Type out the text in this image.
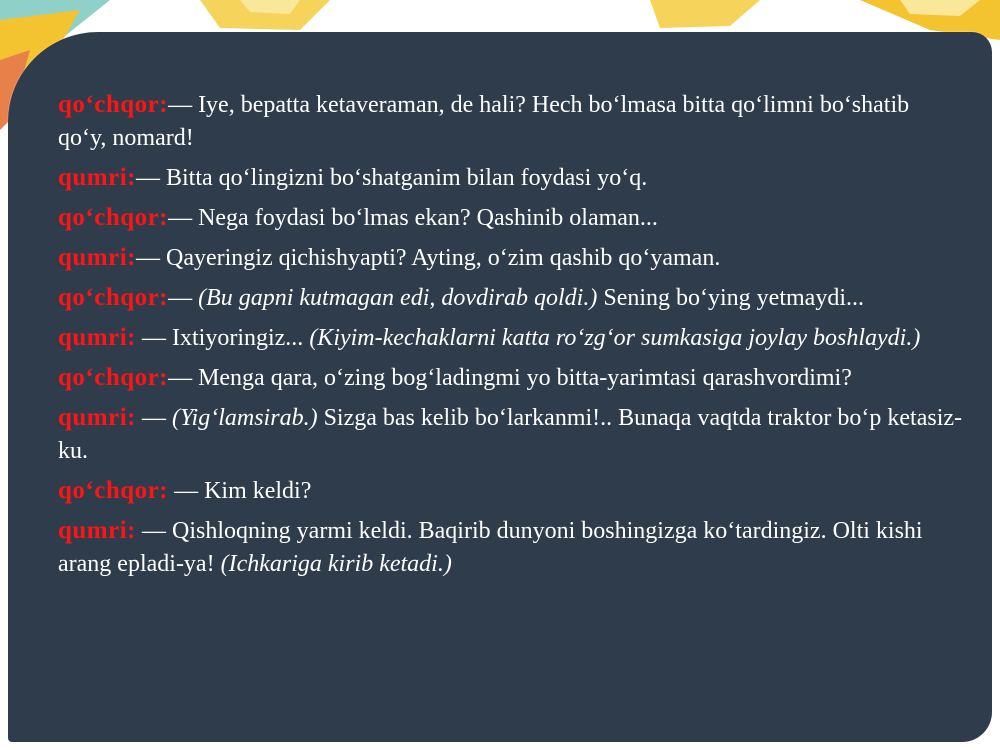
qo‘chqor:— Iye, bepatta ketaveraman, de hali? Hech bo‘lmasa bitta qo‘limni bo‘shatib qo‘y, nomard!
qumri:— Bitta qo‘lingizni bo‘shatganim bilan foydasi yo‘q.
qo‘chqor:— Nega foydasi bo‘lmas ekan? Qashinib olaman...
qumri:— Qayeringiz qichishyapti? Ayting, o‘zim qashib qo‘yaman.
qo‘chqor:— (Bu gapni kutmagan edi, dovdirab qoldi.) Sening bo‘ying yetmaydi...
qumri: — Ixtiyoringiz... (Kiyim-kechaklarni katta ro‘zg‘or sumkasiga joylay boshlaydi.)
qo‘chqor:— Menga qara, o‘zing bog‘ladingmi yo bitta-yarimtasi qarashvordimi?
qumri: — (Yig‘lamsirab.) Sizga bas kelib bo‘larkanmi!.. Bunaqa vaqtda traktor bo‘p ketasiz-ku.
qo‘chqor: — Kim keldi?
qumri: — Qishloqning yarmi keldi. Baqirib dunyoni boshingizga ko‘tardingiz. Olti kishi arang epladi-ya! (Ichkariga kirib ketadi.)
